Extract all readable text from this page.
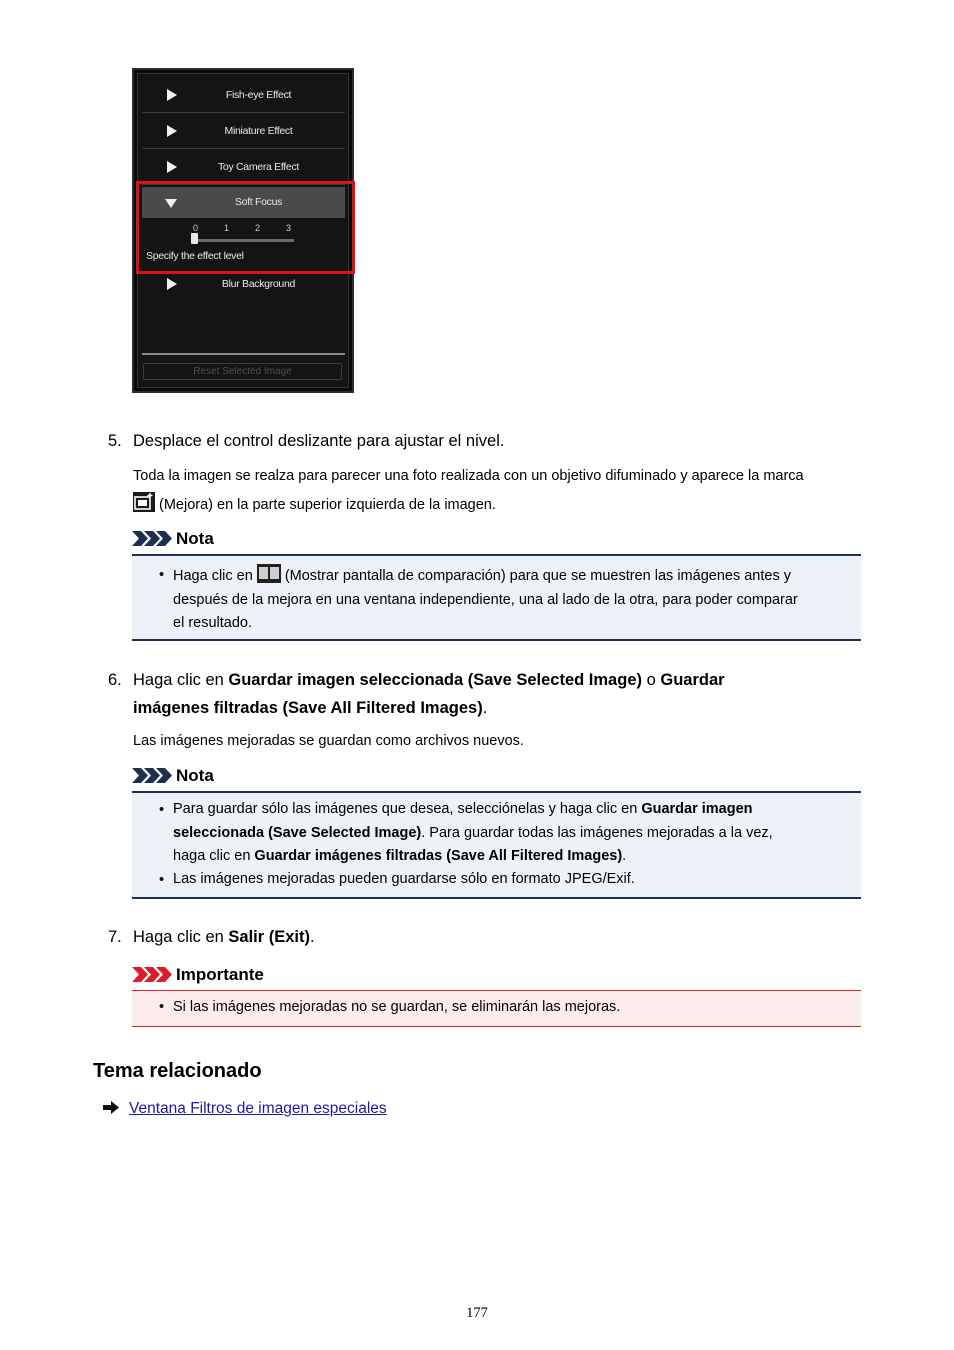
Fish-eye Effect
Miniature Effect
Toy Camera Effect
Soft Focus
0	1	2	3
Specify the effect level
Blur Background
Reset Selected Image
5. Desplace el control deslizante para ajustar el nivel.
Toda la imagen se realza para parecer una foto realizada con un objetivo difuminado y aparece la marca
(Mejora) en la parte superior izquierda de la imagen.
Nota
• Haga clic en (Mostrar pantalla de comparación) para que se muestren las imágenes antes y
después de la mejora en una ventana independiente, una al lado de la otra, para poder comparar
el resultado.
6. Haga clic en Guardar imagen seleccionada (Save Selected Image) o Guardar
imágenes filtradas (Save All Filtered Images).
Las imágenes mejoradas se guardan como archivos nuevos.
Nota
• Para guardar sólo las imágenes que desea, selecciónelas y haga clic en Guardar imagen
seleccionada (Save Selected Image). Para guardar todas las imágenes mejoradas a la vez,
haga clic en Guardar imágenes filtradas (Save All Filtered Images).
• Las imágenes mejoradas pueden guardarse sólo en formato JPEG/Exif.
7. Haga clic en Salir (Exit).
Importante
• Si las imágenes mejoradas no se guardan, se eliminarán las mejoras.
Tema relacionado
Ventana Filtros de imagen especiales
177
